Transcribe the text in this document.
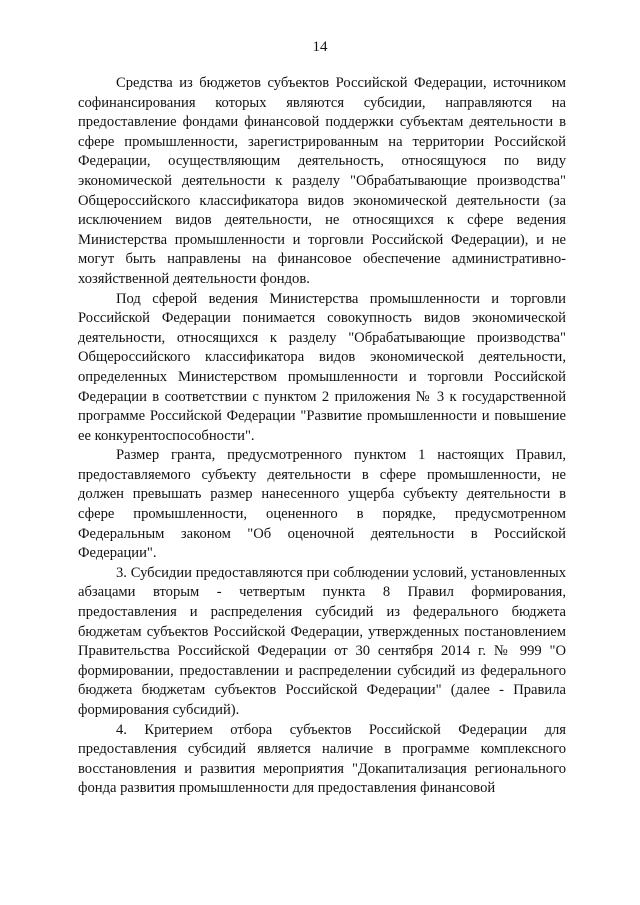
14

Средства из бюджетов субъектов Российской Федерации, источником софинансирования которых являются субсидии, направляются на предоставление фондами финансовой поддержки субъектам деятельности в сфере промышленности, зарегистрированным на территории Российской Федерации, осуществляющим деятельность, относящуюся по виду экономической деятельности к разделу "Обрабатывающие производства" Общероссийского классификатора видов экономической деятельности (за исключением видов деятельности, не относящихся к сфере ведения Министерства промышленности и торговли Российской Федерации), и не могут быть направлены на финансовое обеспечение административно-хозяйственной деятельности фондов.

Под сферой ведения Министерства промышленности и торговли Российской Федерации понимается совокупность видов экономической деятельности, относящихся к разделу "Обрабатывающие производства" Общероссийского классификатора видов экономической деятельности, определенных Министерством промышленности и торговли Российской Федерации в соответствии с пунктом 2 приложения № 3 к государственной программе Российской Федерации "Развитие промышленности и повышение ее конкурентоспособности".

Размер гранта, предусмотренного пунктом 1 настоящих Правил, предоставляемого субъекту деятельности в сфере промышленности, не должен превышать размер нанесенного ущерба субъекту деятельности в сфере промышленности, оцененного в порядке, предусмотренном Федеральным законом "Об оценочной деятельности в Российской Федерации".

3. Субсидии предоставляются при соблюдении условий, установленных абзацами вторым - четвертым пункта 8 Правил формирования, предоставления и распределения субсидий из федерального бюджета бюджетам субъектов Российской Федерации, утвержденных постановлением Правительства Российской Федерации от 30 сентября 2014 г. № 999 "О формировании, предоставлении и распределении субсидий из федерального бюджета бюджетам субъектов Российской Федерации" (далее - Правила формирования субсидий).

4. Критерием отбора субъектов Российской Федерации для предоставления субсидий является наличие в программе комплексного восстановления и развития мероприятия "Докапитализация регионального фонда развития промышленности для предоставления финансовой
